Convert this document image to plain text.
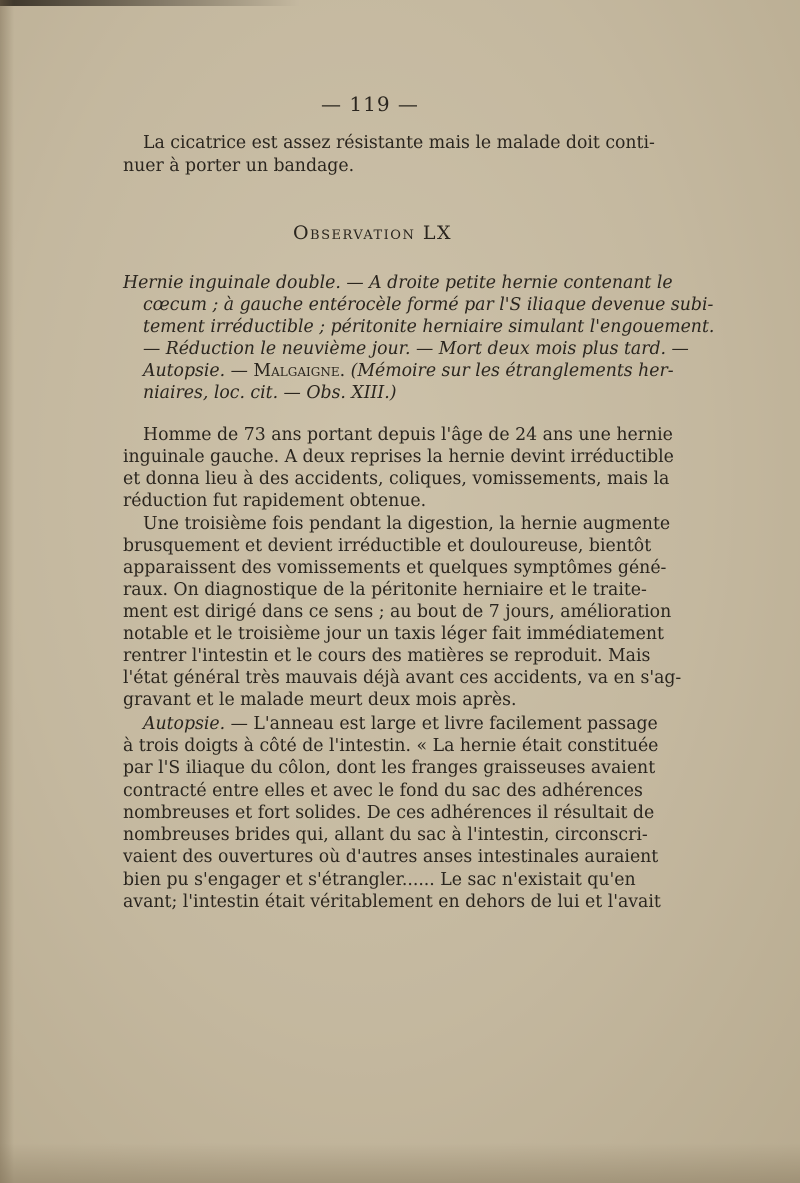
— 119 —
La cicatrice est assez résistante mais le malade doit conti-
nuer à porter un bandage.
Observation LX
Hernie inguinale double. — A droite petite hernie contenant le
cœcum ; à gauche entérocèle formé par l'S iliaque devenue subi-
tement irréductible ; péritonite herniaire simulant l'engouement.
— Réduction le neuvième jour. — Mort deux mois plus tard. —
Autopsie. — Malgaigne. (Mémoire sur les étranglements her-
niaires, loc. cit. — Obs. XIII.)
Homme de 73 ans portant depuis l'âge de 24 ans une hernie
inguinale gauche. A deux reprises la hernie devint irréductible
et donna lieu à des accidents, coliques, vomissements, mais la
réduction fut rapidement obtenue.
Une troisième fois pendant la digestion, la hernie augmente
brusquement et devient irréductible et douloureuse, bientôt
apparaissent des vomissements et quelques symptômes géné-
raux. On diagnostique de la péritonite herniaire et le traite-
ment est dirigé dans ce sens ; au bout de 7 jours, amélioration
notable et le troisième jour un taxis léger fait immédiatement
rentrer l'intestin et le cours des matières se reproduit. Mais
l'état général très mauvais déjà avant ces accidents, va en s'ag-
gravant et le malade meurt deux mois après.
Autopsie. — L'anneau est large et livre facilement passage
à trois doigts à côté de l'intestin. « La hernie était constituée
par l'S iliaque du côlon, dont les franges graisseuses avaient
contracté entre elles et avec le fond du sac des adhérences
nombreuses et fort solides. De ces adhérences il résultait de
nombreuses brides qui, allant du sac à l'intestin, circonscri-
vaient des ouvertures où d'autres anses intestinales auraient
bien pu s'engager et s'étrangler...... Le sac n'existait qu'en
avant; l'intestin était véritablement en dehors de lui et l'avait
